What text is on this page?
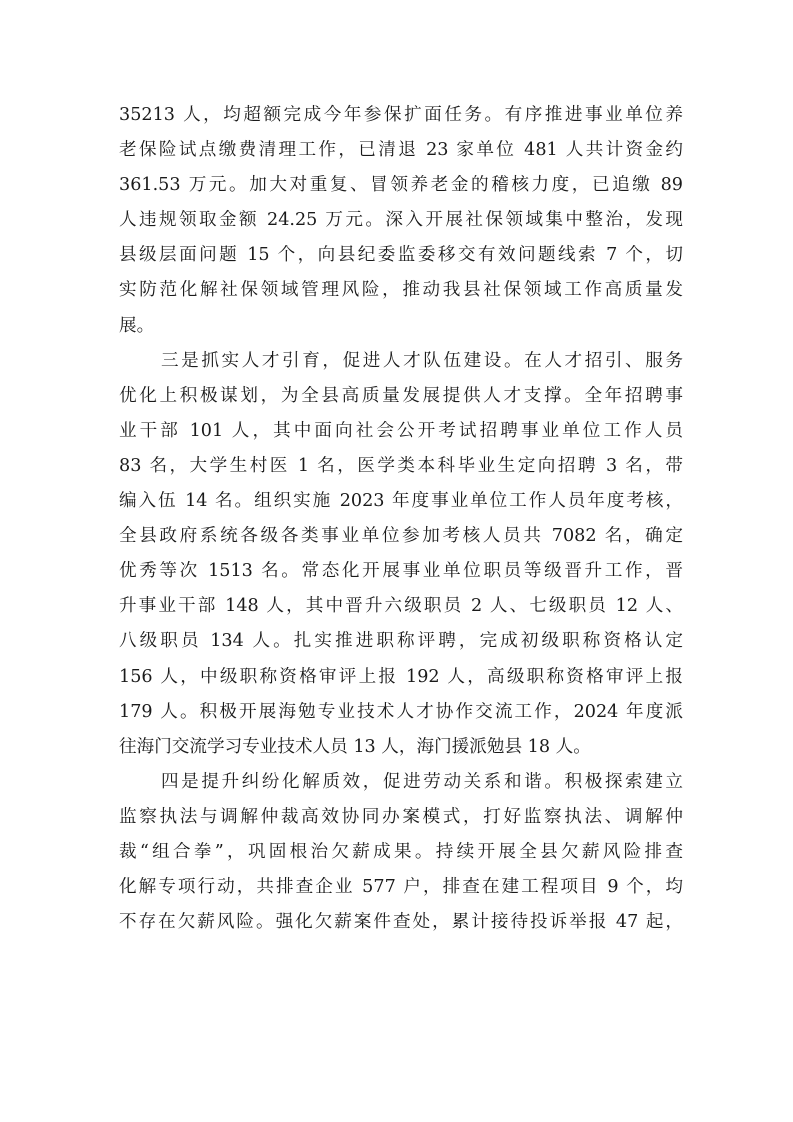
35213 人，均超额完成今年参保扩面任务。有序推进事业单位养
老保险试点缴费清理工作，已清退 23 家单位 481 人共计资金约
361.53 万元。加大对重复、冒领养老金的稽核力度，已追缴 89
人违规领取金额 24.25 万元。深入开展社保领域集中整治，发现
县级层面问题 15 个，向县纪委监委移交有效问题线索 7 个，切
实防范化解社保领域管理风险，推动我县社保领域工作高质量发
展。
三是抓实人才引育，促进人才队伍建设。在人才招引、服务
优化上积极谋划，为全县高质量发展提供人才支撑。全年招聘事
业干部 101 人，其中面向社会公开考试招聘事业单位工作人员
83 名，大学生村医 1 名，医学类本科毕业生定向招聘 3 名，带
编入伍 14 名。组织实施 2023 年度事业单位工作人员年度考核，
全县政府系统各级各类事业单位参加考核人员共 7082 名，确定
优秀等次 1513 名。常态化开展事业单位职员等级晋升工作，晋
升事业干部 148 人，其中晋升六级职员 2 人、七级职员 12 人、
八级职员 134 人。扎实推进职称评聘，完成初级职称资格认定
156 人，中级职称资格审评上报 192 人，高级职称资格审评上报
179 人。积极开展海勉专业技术人才协作交流工作，2024 年度派
往海门交流学习专业技术人员 13 人，海门援派勉县 18 人。
四是提升纠纷化解质效，促进劳动关系和谐。积极探索建立
监察执法与调解仲裁高效协同办案模式，打好监察执法、调解仲
裁“组合拳”，巩固根治欠薪成果。持续开展全县欠薪风险排查
化解专项行动，共排查企业 577 户，排查在建工程项目 9 个，均
不存在欠薪风险。强化欠薪案件查处，累计接待投诉举报 47 起，
